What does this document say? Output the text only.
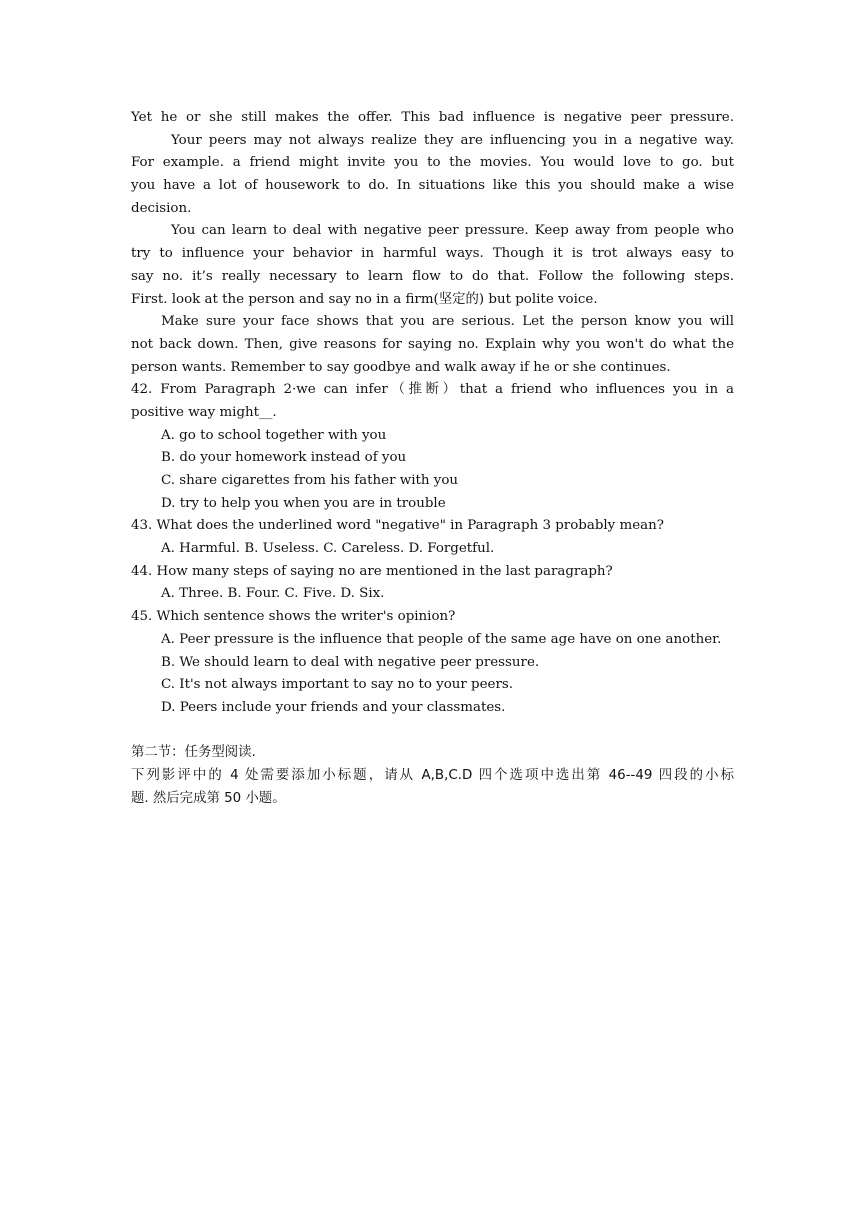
Yet he or she still makes the offer. This bad influence is negative peer pressure.

Your peers may not always realize they are influencing you in a negative way.

For example. a friend might invite you to the movies. You would love to go. but

you have a lot of housework to do. In situations like this you should make a wise

decision.

You can learn to deal with negative peer pressure. Keep away from people who

try to influence your behavior in harmful ways. Though it is trot always easy to

say no. it’s really necessary to learn flow to do that. Follow the following steps.

First. look at the person and say no in a firm(坚定的) but polite voice.

Make sure your face shows that you are serious. Let the person know you will

not back down. Then, give reasons for saying no. Explain why you won't do what the

person wants. Remember to say goodbye and walk away if he or she continues.

42. From Paragraph 2·we can infer（推断）that a friend who influences you in a

positive way might__.

A. go to school together with you

B. do your homework instead of you

C. share cigarettes from his father with you

D. try to help you when you are in trouble

43. What does the underlined word "negative" in Paragraph 3 probably mean?

A. Harmful. B. Useless. C. Careless. D. Forgetful.

44. How many steps of saying no are mentioned in the last paragraph?

A. Three. B. Four. C. Five. D. Six.

45. Which sentence shows the writer's opinion?

A. Peer pressure is the influence that people of the same age have on one another.

B. We should learn to deal with negative peer pressure.

C. It's not always important to say no to your peers.

D. Peers include your friends and your classmates.

第二节：任务型阅读.

下列影评中的 4 处需要添加小标题，请从 A,B,C.D 四个选项中选出第 46--49 四段的小标

题. 然后完成第 50 小题。
